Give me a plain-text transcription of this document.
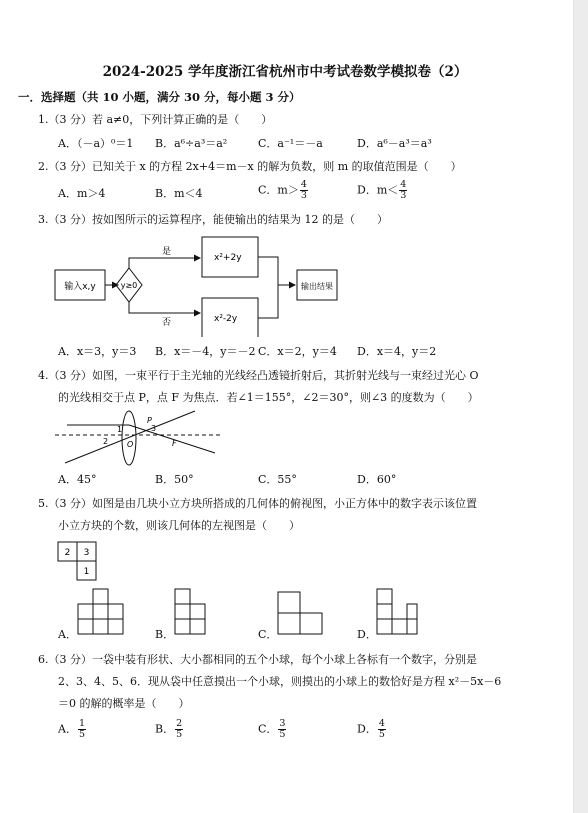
2024-2025 学年度浙江省杭州市中考试卷数学模拟卷（2）
一．选择题（共 10 小题，满分 30 分，每小题 3 分）
1.（3 分）若 a≠0，下列计算正确的是（　　）
A．（－a）⁰＝1 B．a⁶÷a³＝a²	C．a⁻¹＝－a	D．a⁶－a³＝a³
2.（3 分）已知关于 x 的方程 2x+4＝m－x 的解为负数，则 m 的取值范围是（　　）
A．m＞4	B．m＜4	C．$m> \frac{4}{3}$	D．$m< \frac{4}{3}$
3.（3 分）按如图所示的运算程序，能使输出的结果为 12 的是（　　）
输入x,y	y≥0
是
否
x²+2y
x²-2y
输出结果
A．x＝3，y＝3 B．x＝－4，y＝－2 C．x＝2，y＝4 D．x＝4，y＝2
4.（3 分）如图，一束平行于主光轴的光线经凸透镜折射后，其折射光线与一束经过光心 O
的光线相交于点 P，点 F 为焦点．若∠1＝155°，∠2＝30°，则∠3 的度数为（　　）
1
2
3
O
P
F
A．45°	B．50°	C．55°	D．60°
5.（3 分）如图是由几块小立方块所搭成的几何体的俯视图，小正方体中的数字表示该位置
小立方块的个数，则该几何体的左视图是（　　）
2 3
1
A．	B．	C．	D．
6.（3 分）一袋中装有形状、大小都相同的五个小球，每个小球上各标有一个数字，分别是
2、3、4、5、6．现从袋中任意摸出一个小球，则摸出的小球上的数恰好是方程 x²－5x－6
＝0 的解的概率是（　　）
A． $\frac{1}{5}$	B． $\frac{2}{5}$	C． $\frac{3}{5}$	D． $\frac{4}{5}$
